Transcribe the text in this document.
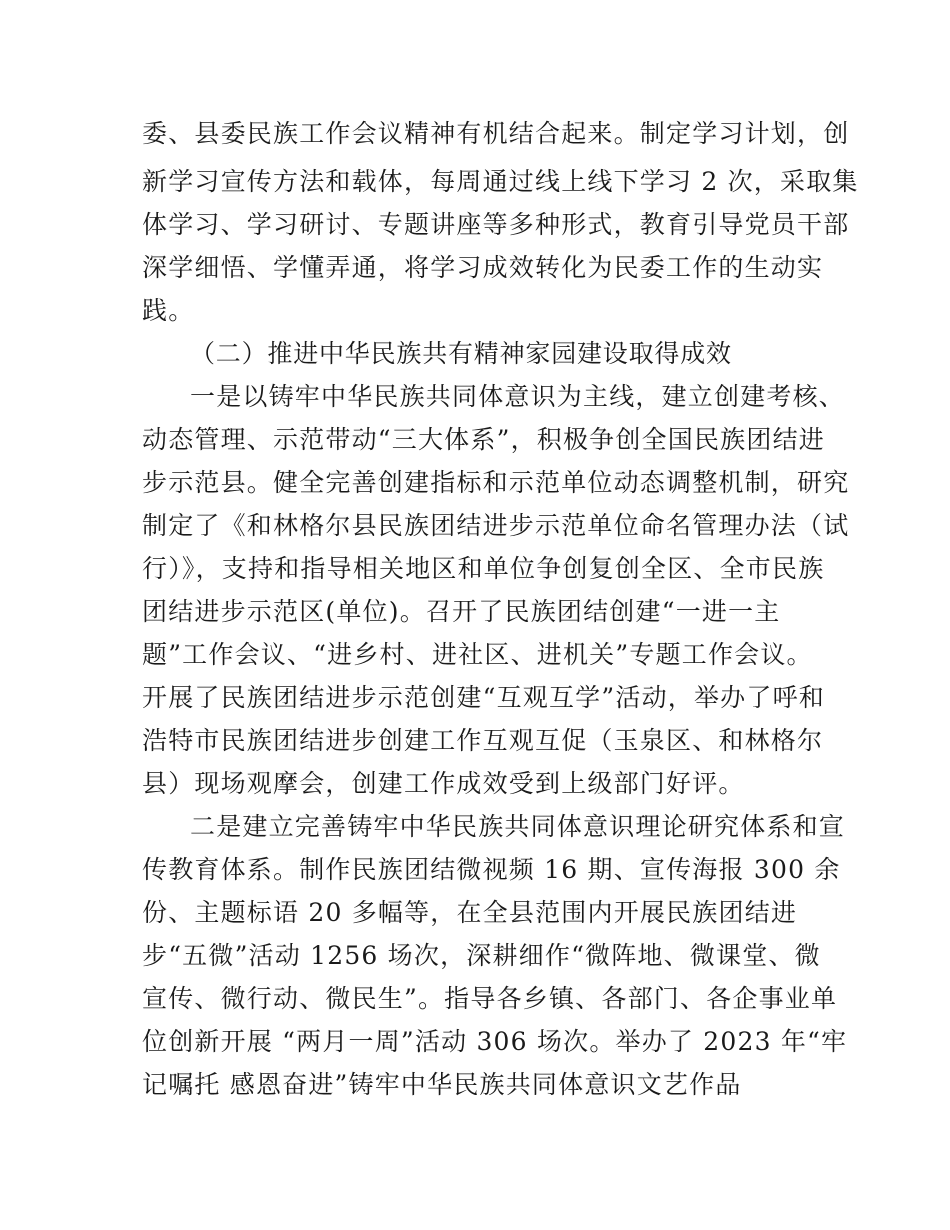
委、县委民族工作会议精神有机结合起来。制定学习计划，创
新学习宣传方法和载体，每周通过线上线下学习 2 次，采取集
体学习、学习研讨、专题讲座等多种形式，教育引导党员干部
深学细悟、学懂弄通，将学习成效转化为民委工作的生动实
践。
（二）推进中华民族共有精神家园建设取得成效
一是以铸牢中华民族共同体意识为主线，建立创建考核、
动态管理、示范带动“三大体系”，积极争创全国民族团结进
步示范县。健全完善创建指标和示范单位动态调整机制，研究
制定了《和林格尔县民族团结进步示范单位命名管理办法（试
行）》，支持和指导相关地区和单位争创复创全区、全市民族
团结进步示范区(单位)。召开了民族团结创建“一进一主
题”工作会议、“进乡村、进社区、进机关”专题工作会议。
开展了民族团结进步示范创建“互观互学”活动，举办了呼和
浩特市民族团结进步创建工作互观互促（玉泉区、和林格尔
县）现场观摩会，创建工作成效受到上级部门好评。
二是建立完善铸牢中华民族共同体意识理论研究体系和宣
传教育体系。制作民族团结微视频 16 期、宣传海报 300 余
份、主题标语 20 多幅等，在全县范围内开展民族团结进
步“五微”活动 1256 场次，深耕细作“微阵地、微课堂、微
宣传、微行动、微民生”。指导各乡镇、各部门、各企事业单
位创新开展 “两月一周”活动 306 场次。举办了 2023 年“牢
记嘱托 感恩奋进”铸牢中华民族共同体意识文艺作品
